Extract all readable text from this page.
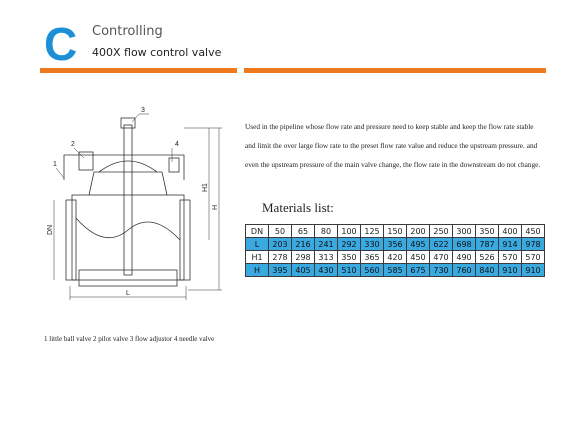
C Controlling
400X flow control valve
1
2
3
4
L
DN
H1
H
1 little ball valve 2 pilot valve 3 flow adjustor 4 needle valve
Used in the pipeline whose flow rate and pressure need to keep stable and keep the flow rate stable and limit the over large flow rate to the preset flow rate value and reduce the upstream pressure. and even the upstream pressure of the main valve change, the flow rate in the downstream do not change.
Materials list:
DN	50	65	80	100	125	150	200	250	300	350	400	450
L	203	216	241	292	330	356	495	622	698	787	914	978
H1	278	298	313	350	365	420	450	470	490	526	570	570
H	395	405	430	510	560	585	675	730	760	840	910	910
